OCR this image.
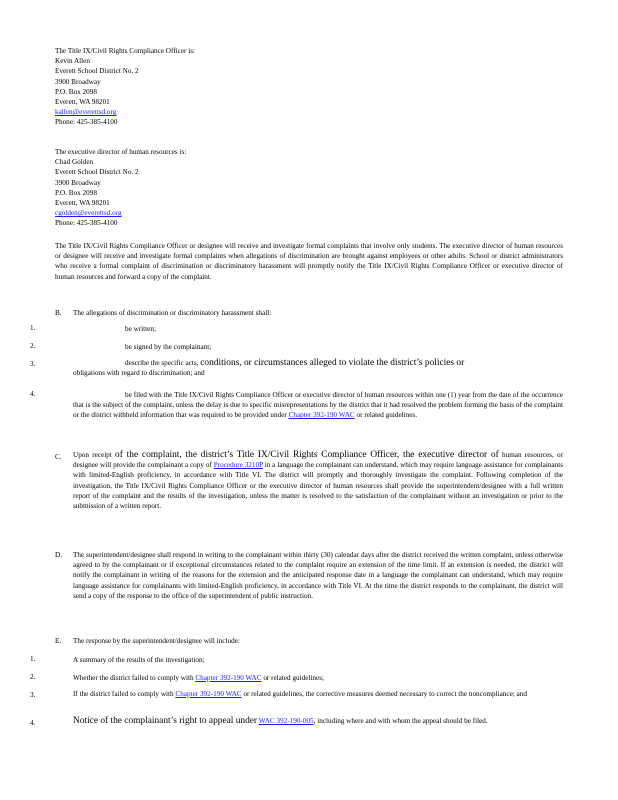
The Title IX/Civil Rights Compliance Officer is:
Kevin Allen
Everett School District No. 2
3900 Broadway
P.O. Box 2098
Everett, WA 98201
kallen@everettsd.org
Phone: 425-385-4100
The executive director of human resources is:
Chad Golden
Everett School District No. 2
3900 Broadway
P.O. Box 2098
Everett, WA 98201
cgolden@everettsd.org
Phone: 425-385-4100
The Title IX/Civil Rights Compliance Officer or designee will receive and investigate formal complaints that involve only students. The executive director of human resources or designee will receive and investigate formal complaints when allegations of discrimination are brought against employees or other adults. School or district administrators who receive a formal complaint of discrimination or discriminatory harassment will promptly notify the Title IX/Civil Rights Compliance Officer or executive director of human resources and forward a copy of the complaint.
B. The allegations of discrimination or discriminatory harassment shall:
1.	be written;
2.	be signed by the complainant;
3.	describe the specific acts, conditions, or circumstances alleged to violate the district’s policies or
obligations with regard to discrimination; and
4.	be filed with the Title IX/Civil Rights Compliance Officer or executive director of human resources within one (1) year from the date of the occurrence that is the subject of the complaint, unless the delay is due to specific misrepresentations by the district that it had resolved the problem forming the basis of the complaint or the district withheld information that was required to be provided under Chapter 392-190 WAC or related guidelines.
C. Upon receipt of the complaint, the district’s Title IX/Civil Rights Compliance Officer, the executive director of human resources, or designee will provide the complainant a copy of Procedure 3210P in a language the complainant can understand, which may require language assistance for complainants with limited-English proficiency, in accordance with Title VI. The district will promptly and thoroughly investigate the complaint. Following completion of the investigation, the Title IX/Civil Rights Compliance Officer or the executive director of human resources shall provide the superintendent/designee with a full written report of the complaint and the results of the investigation, unless the matter is resolved to the satisfaction of the complainant without an investigation or prior to the submission of a written report.
D. The superintendent/designee shall respond in writing to the complainant within thirty (30) calendar days after the district received the written complaint, unless otherwise agreed to by the complainant or if exceptional circumstances related to the complaint require an extension of the time limit. If an extension is needed, the district will notify the complainant in writing of the reasons for the extension and the anticipated response date in a language the complainant can understand, which may require language assistance for complainants with limited-English proficiency, in accordance with Title VI. At the time the district responds to the complainant, the district will send a copy of the response to the office of the superintendent of public instruction.
E. The response by the superintendent/designee will include:
1.	A summary of the results of the investigation;
2.	Whether the district failed to comply with Chapter 392-190 WAC or related guidelines;
3.	If the district failed to comply with Chapter 392-190 WAC or related guidelines, the corrective measures deemed necessary to correct the noncompliance; and
4.	Notice of the complainant’s right to appeal under WAC 392-190-005, including where and with whom the appeal should be filed.
